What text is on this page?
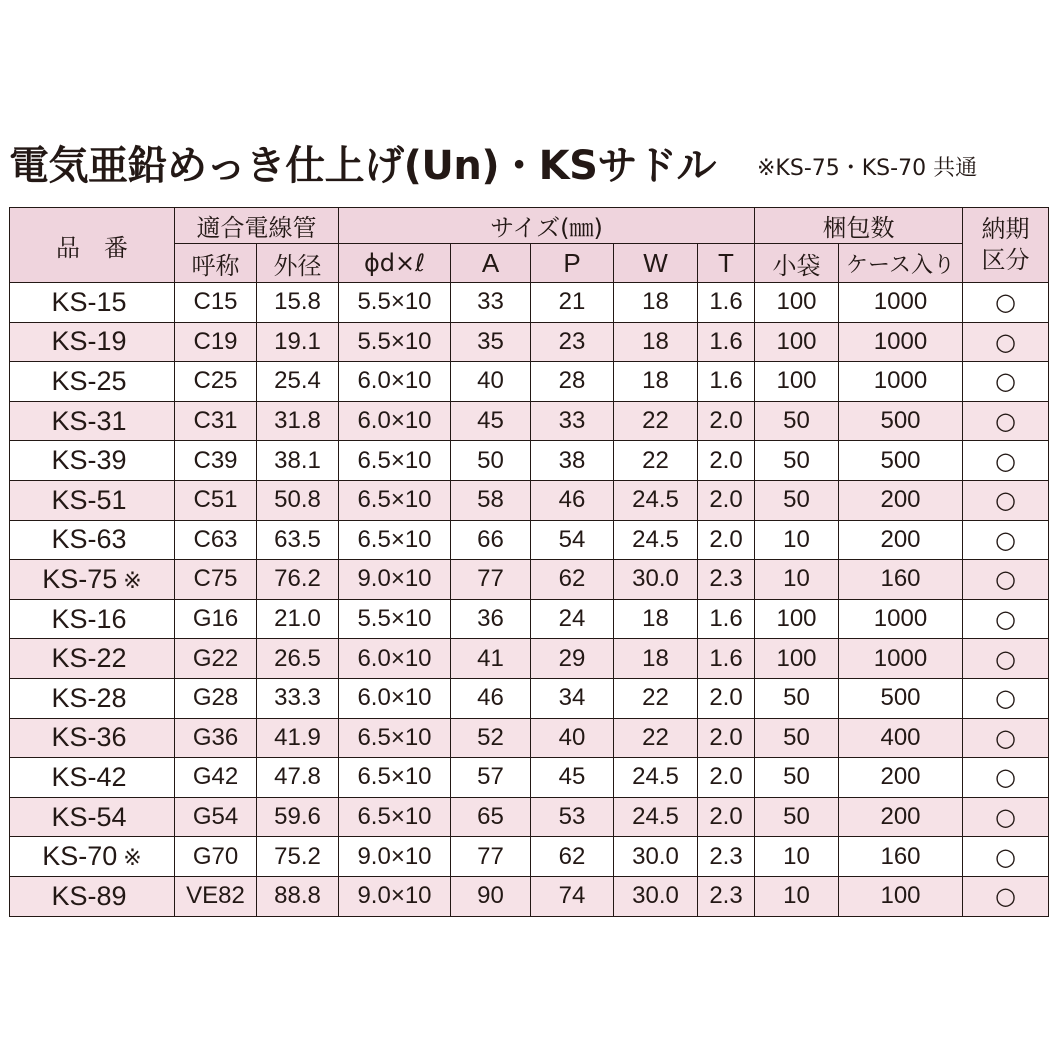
電気亜鉛めっき仕上げ(Un)・KSサドル ※KS-75・KS-70 共通
品　番	適合電線管		サイズ(㎜)					梱包数		納期
区分
	呼称	外径	ϕd×ℓ	A	P	W	T	小袋	ケース入り	
KS-15	C15	15.8	5.5×10	33	21	18	1.6	100	1000	○
KS-19	C19	19.1	5.5×10	35	23	18	1.6	100	1000	○
KS-25	C25	25.4	6.0×10	40	28	18	1.6	100	1000	○
KS-31	C31	31.8	6.0×10	45	33	22	2.0	50	500	○
KS-39	C39	38.1	6.5×10	50	38	22	2.0	50	500	○
KS-51	C51	50.8	6.5×10	58	46	24.5	2.0	50	200	○
KS-63	C63	63.5	6.5×10	66	54	24.5	2.0	10	200	○
KS-75 ※	C75	76.2	9.0×10	77	62	30.0	2.3	10	160	○
KS-16	G16	21.0	5.5×10	36	24	18	1.6	100	1000	○
KS-22	G22	26.5	6.0×10	41	29	18	1.6	100	1000	○
KS-28	G28	33.3	6.0×10	46	34	22	2.0	50	500	○
KS-36	G36	41.9	6.5×10	52	40	22	2.0	50	400	○
KS-42	G42	47.8	6.5×10	57	45	24.5	2.0	50	200	○
KS-54	G54	59.6	6.5×10	65	53	24.5	2.0	50	200	○
KS-70 ※	G70	75.2	9.0×10	77	62	30.0	2.3	10	160	○
KS-89	VE82	88.8	9.0×10	90	74	30.0	2.3	10	100	○
